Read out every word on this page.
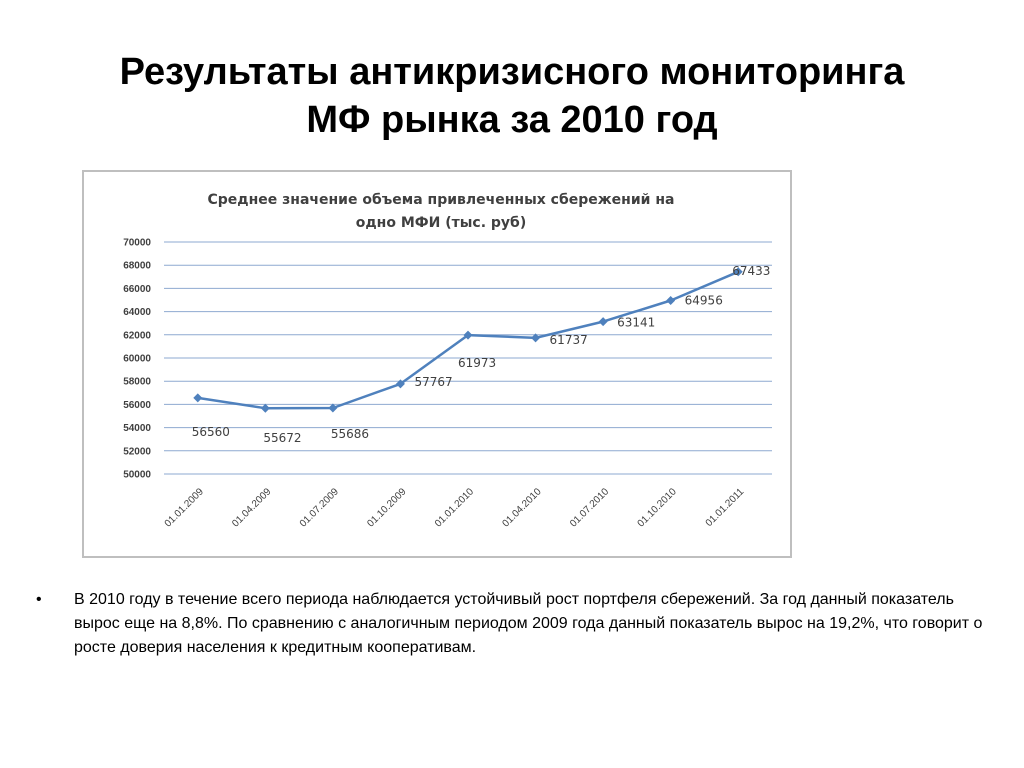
Результаты антикризисного мониторинга
МФ рынка за 2010 год
Среднее значение объема привлеченных сбережений на
одно МФИ (тыс. руб)
50000
52000
54000
56000
58000
60000
62000
64000
66000
68000
70000
01.01.2009 01.04.2009 01.07.2009 01.10.2009 01.01.2010 01.04.2010 01.07.2010 01.10.2010 01.01.2011
56560	55672 55686
57767
61973
61737
63141
64956
67433
• В 2010 году в течение всего периода наблюдается устойчивый рост портфеля сбережений. За год данный показатель вырос еще на 8,8%. По сравнению с аналогичным периодом 2009 года данный показатель вырос на 19,2%, что говорит о росте доверия населения к кредитным кооперативам.
